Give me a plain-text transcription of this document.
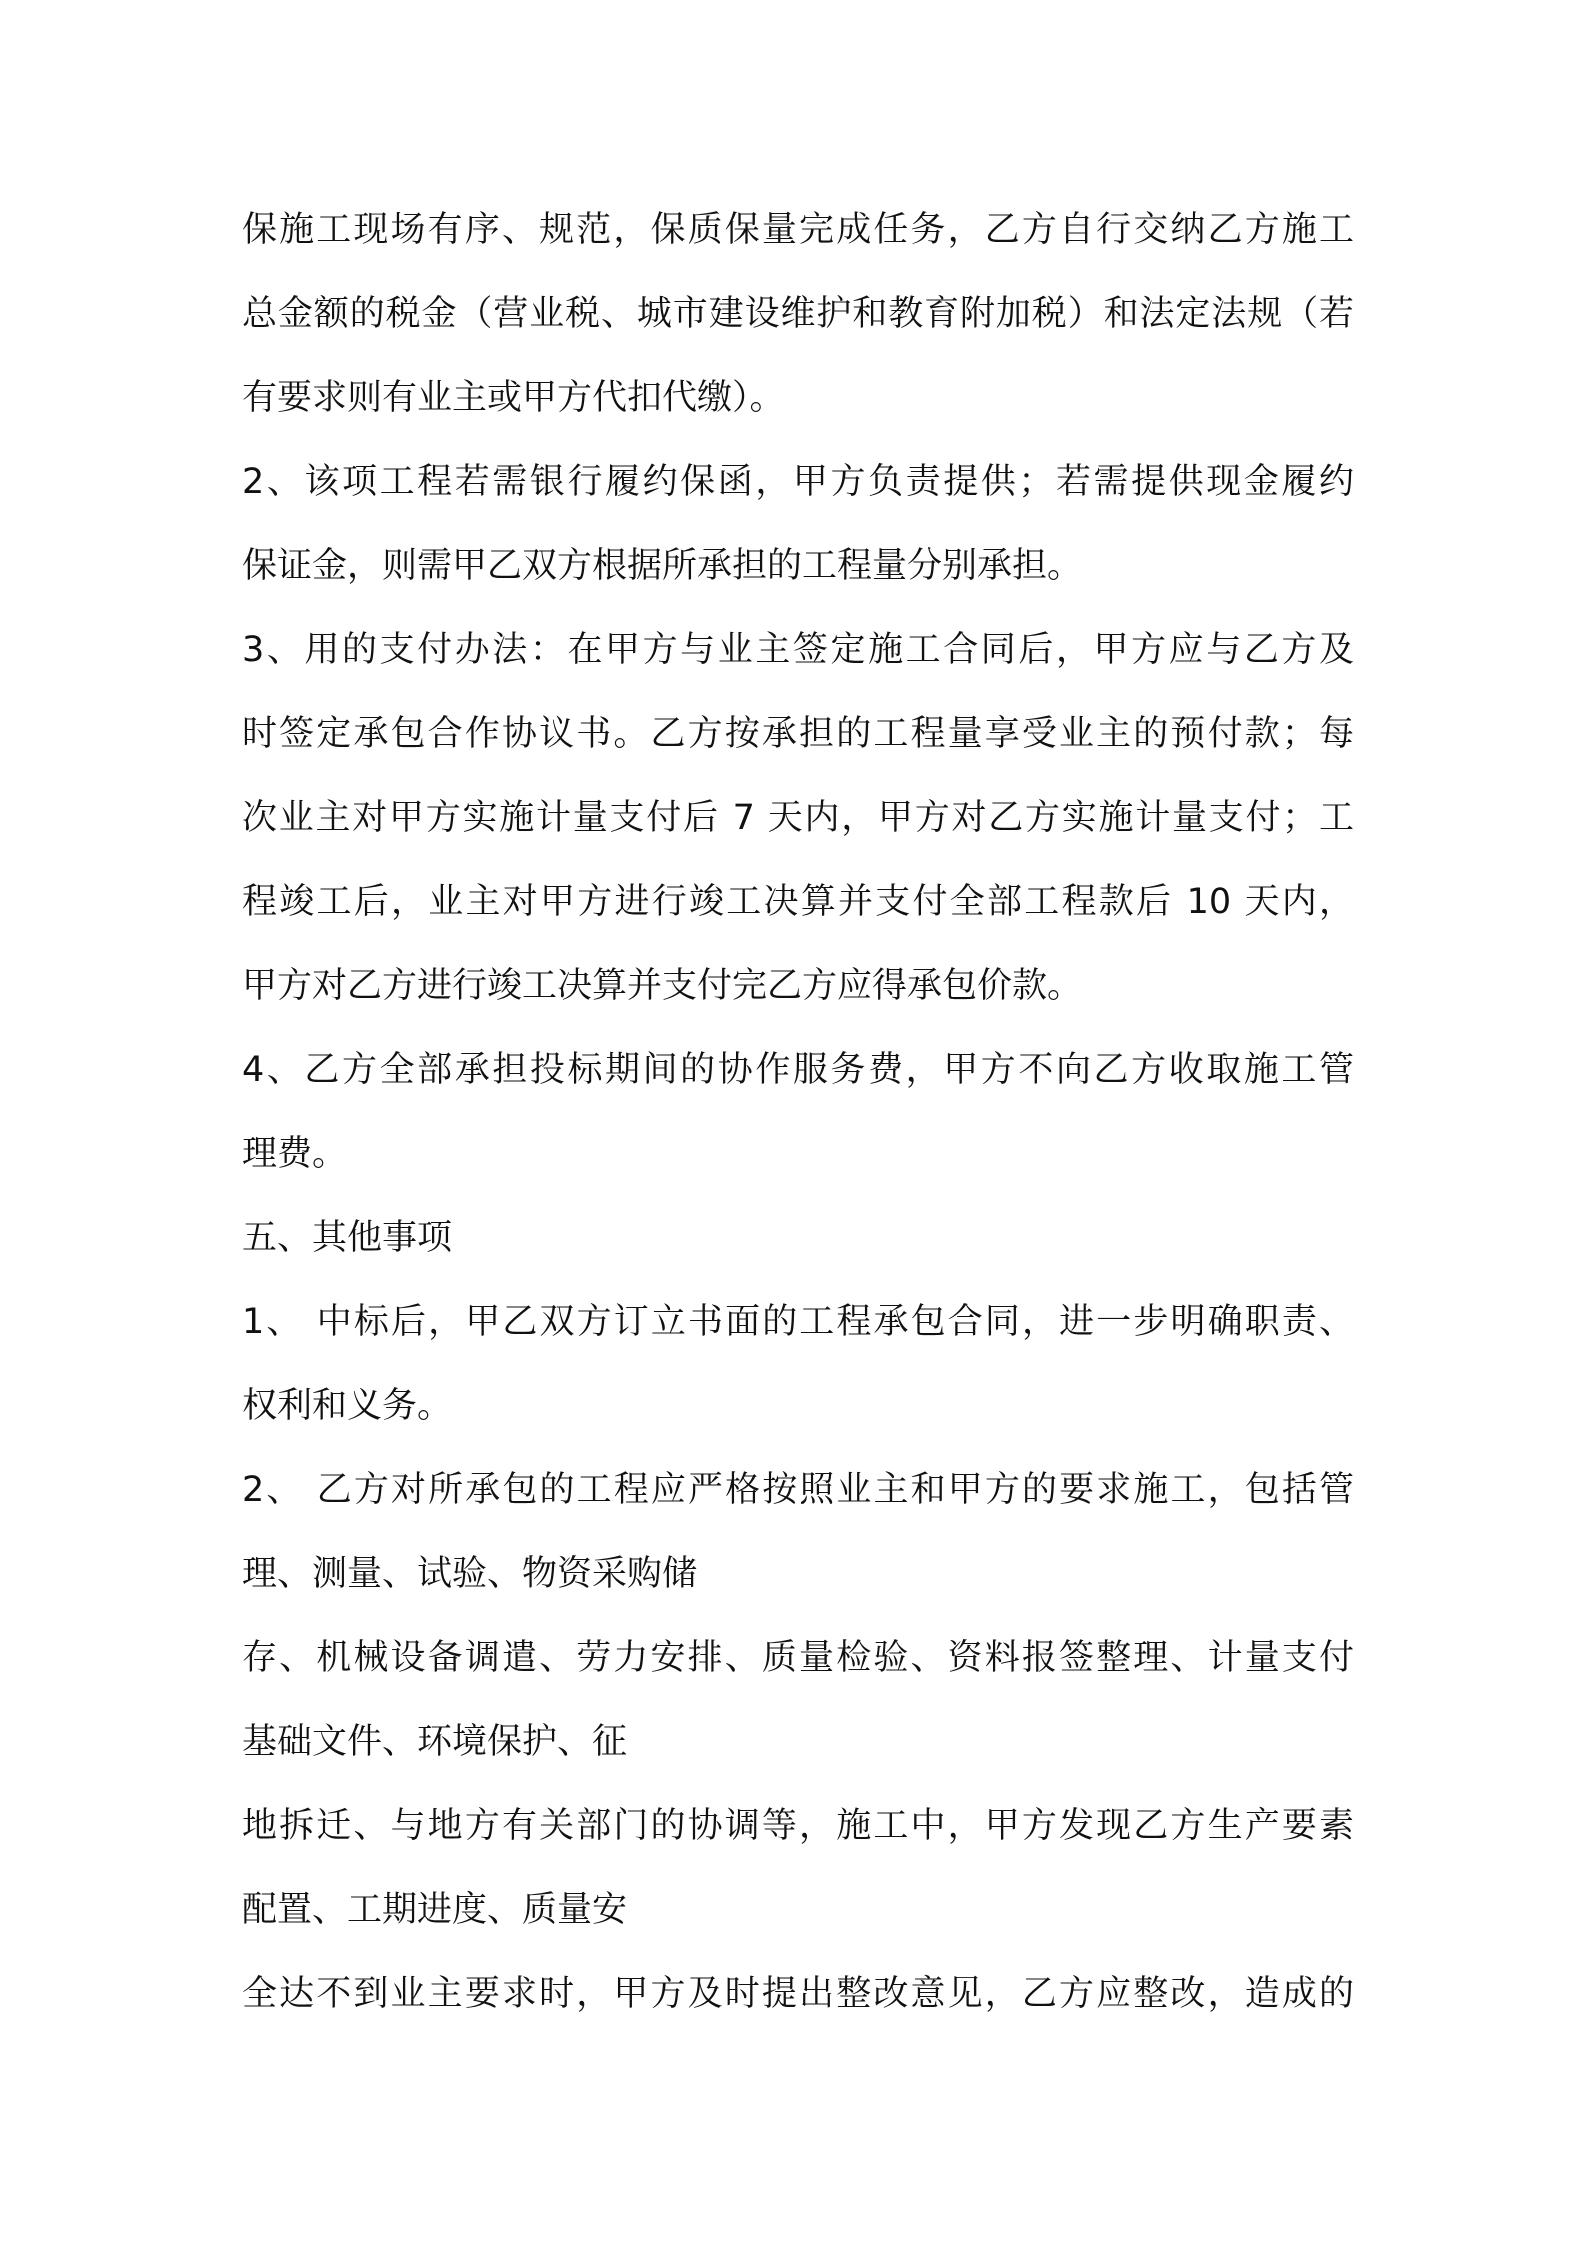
保施工现场有序、规范，保质保量完成任务，乙方自行交纳乙方施工
总金额的税金（营业税、城市建设维护和教育附加税）和法定法规（若
有要求则有业主或甲方代扣代缴）。
2、该项工程若需银行履约保函，甲方负责提供；若需提供现金履约
保证金，则需甲乙双方根据所承担的工程量分别承担。
3、用的支付办法：在甲方与业主签定施工合同后，甲方应与乙方及
时签定承包合作协议书。乙方按承担的工程量享受业主的预付款；每
次业主对甲方实施计量支付后 7 天内，甲方对乙方实施计量支付；工
程竣工后，业主对甲方进行竣工决算并支付全部工程款后 10 天内，
甲方对乙方进行竣工决算并支付完乙方应得承包价款。
4、乙方全部承担投标期间的协作服务费，甲方不向乙方收取施工管
理费。
五、其他事项
1、 中标后，甲乙双方订立书面的工程承包合同，进一步明确职责、
权利和义务。
2、 乙方对所承包的工程应严格按照业主和甲方的要求施工，包括管
理、测量、试验、物资采购储
存、机械设备调遣、劳力安排、质量检验、资料报签整理、计量支付
基础文件、环境保护、征
地拆迁、与地方有关部门的协调等，施工中，甲方发现乙方生产要素
配置、工期进度、质量安
全达不到业主要求时，甲方及时提出整改意见，乙方应整改，造成的
